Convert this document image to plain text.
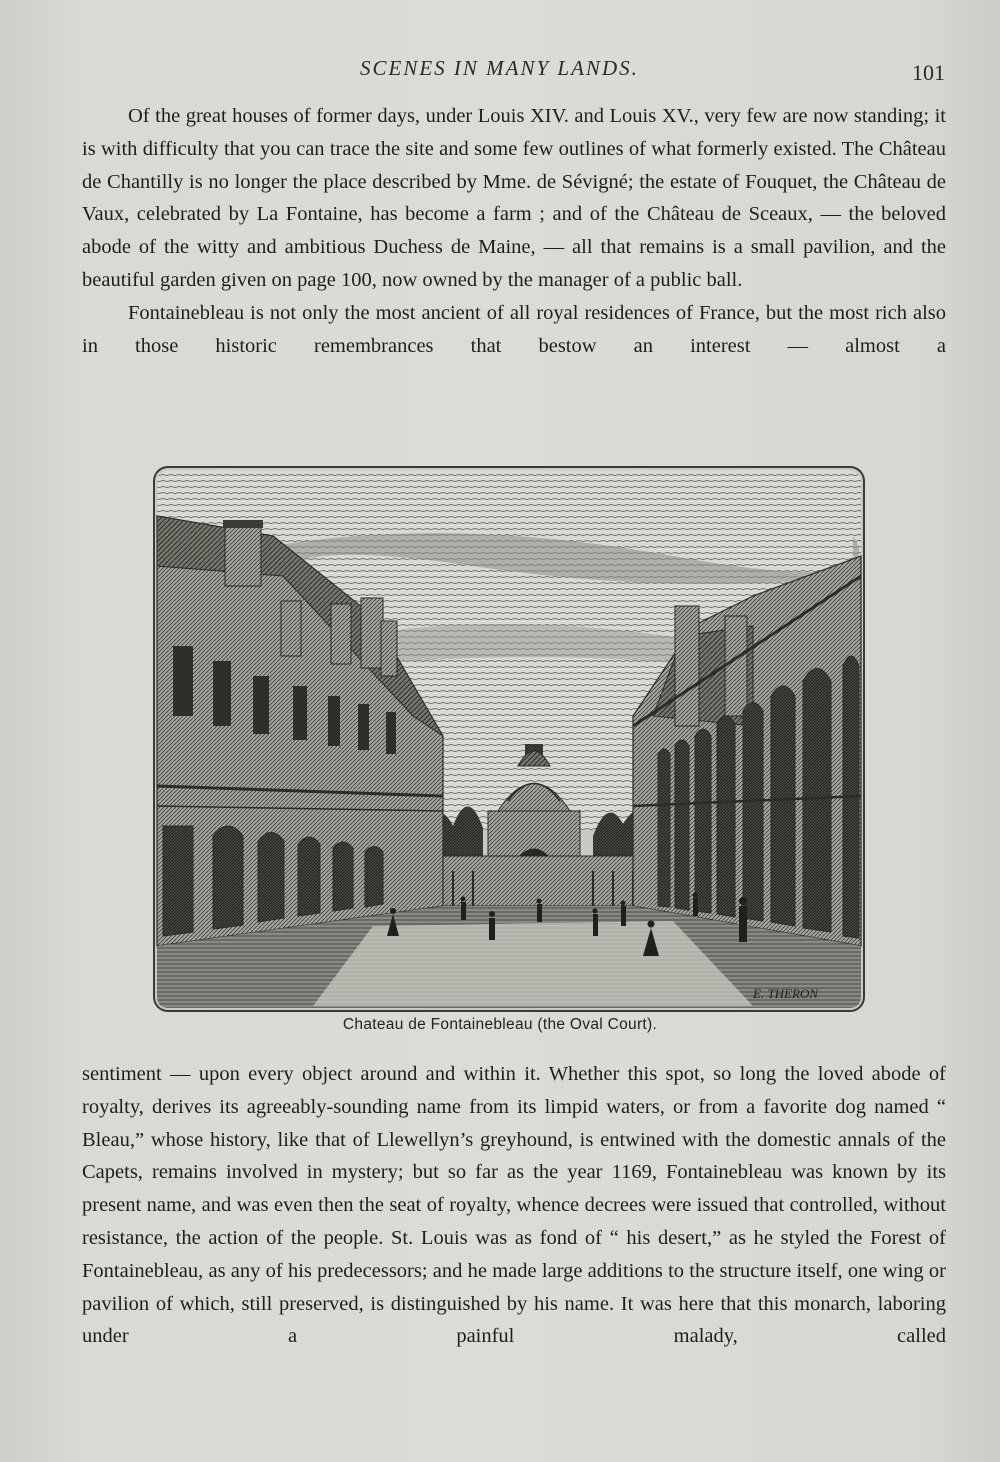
SCENES IN MANY LANDS.	101

Of the great houses of former days, under Louis XIV. and Louis XV., very few are now standing; it is with difficulty that you can trace the site and some few outlines of what formerly existed. The Château de Chantilly is no longer the place described by Mme. de Sévigné; the estate of Fouquet, the Château de Vaux, celebrated by La Fontaine, has become a farm ; and of the Château de Sceaux, — the beloved abode of the witty and ambitious Duchess de Maine, — all that remains is a small pavilion, and the beautiful garden given on page 100, now owned by the manager of a public ball.

Fontainebleau is not only the most ancient of all royal residences of France, but the most rich also in those historic remembrances that bestow an interest — almost a

E. THERON
Chateau de Fontainebleau (the Oval Court).

sentiment — upon every object around and within it. Whether this spot, so long the loved abode of royalty, derives its agreeably-sounding name from its limpid waters, or from a favorite dog named “ Bleau,” whose history, like that of Llewellyn’s greyhound, is entwined with the domestic annals of the Capets, remains involved in mystery; but so far as the year 1169, Fontainebleau was known by its present name, and was even then the seat of royalty, whence decrees were issued that controlled, without resistance, the action of the people. St. Louis was as fond of “ his desert,” as he styled the Forest of Fontainebleau, as any of his predecessors; and he made large additions to the structure itself, one wing or pavilion of which, still preserved, is distinguished by his name. It was here that this monarch, laboring under a painful malady, called
